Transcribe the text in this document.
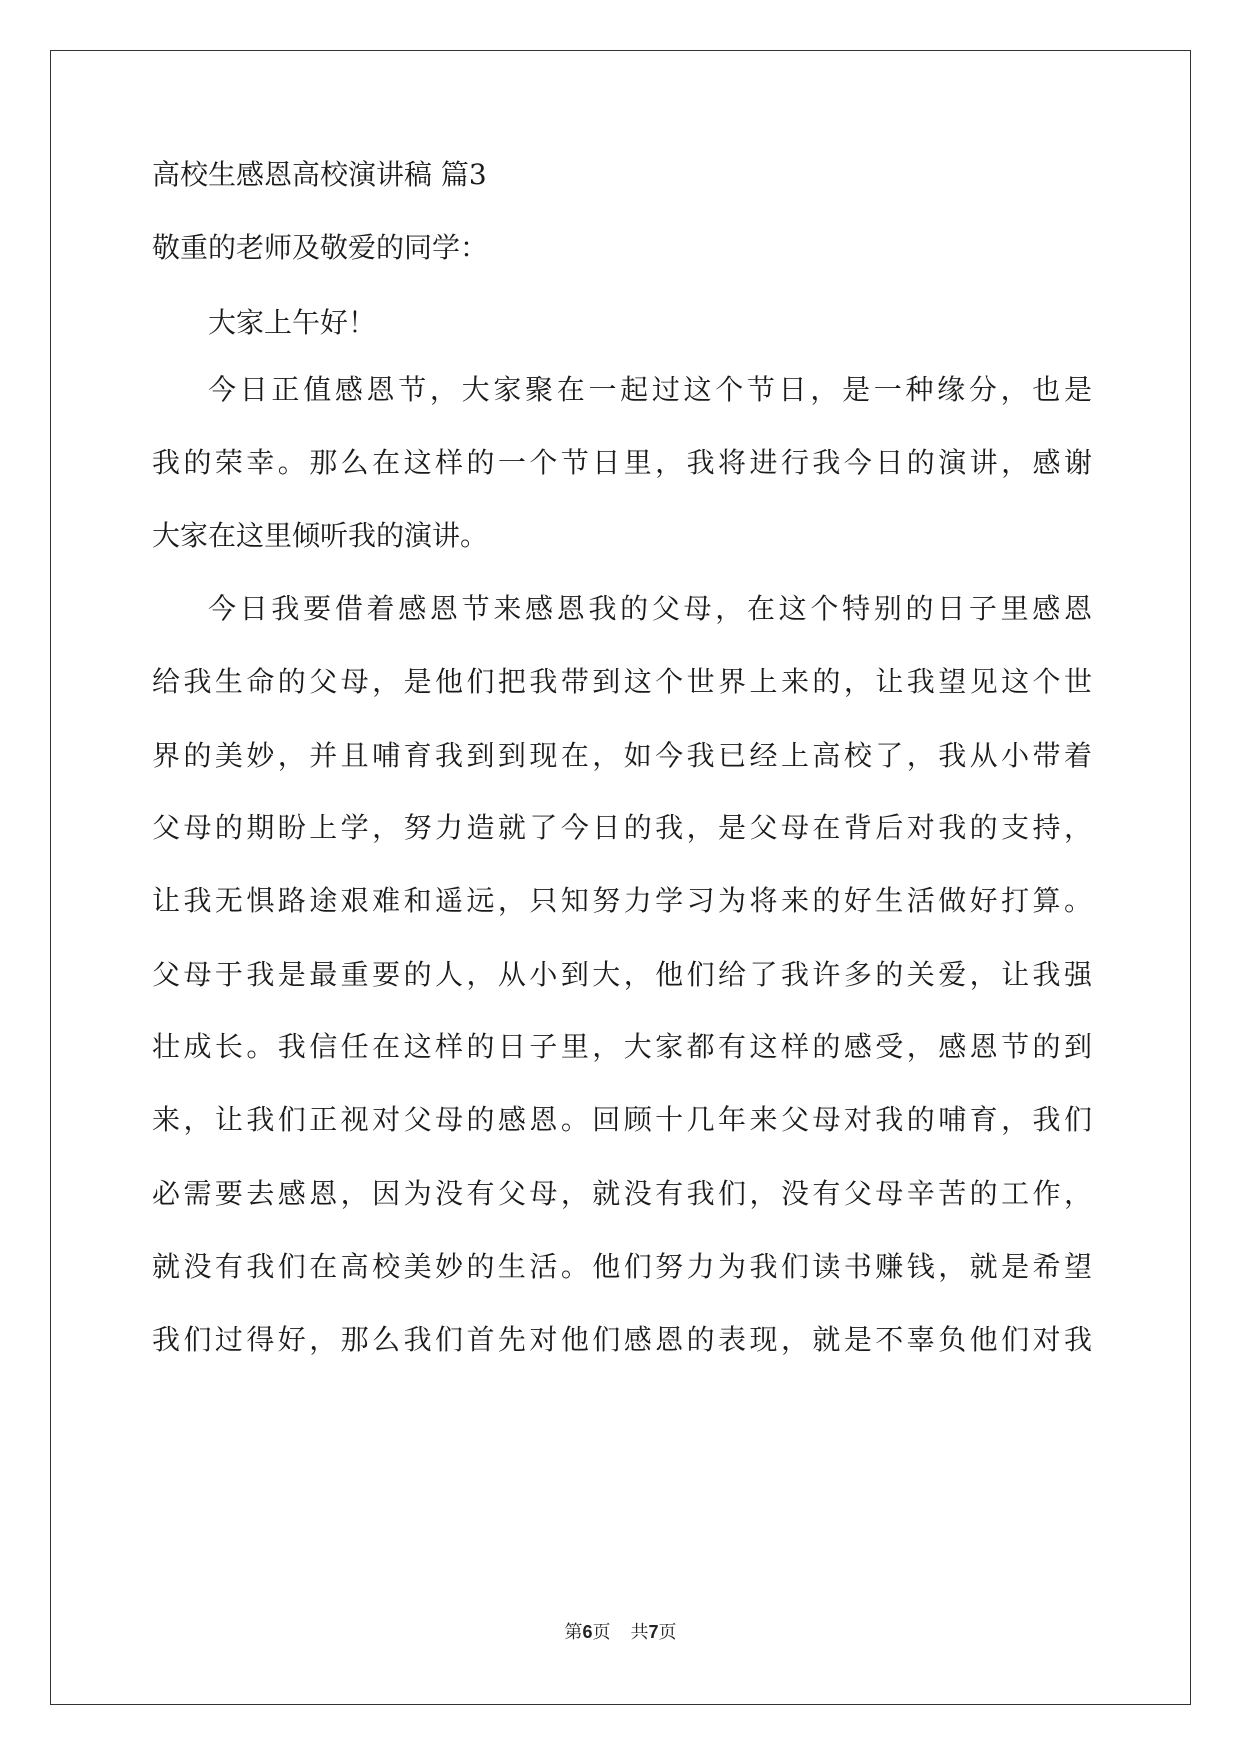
高校生感恩高校演讲稿 篇3
敬重的老师及敬爱的同学：
大家上午好！
今日正值感恩节，大家聚在一起过这个节日，是一种缘分，也是
我的荣幸。那么在这样的一个节日里，我将进行我今日的演讲，感谢
大家在这里倾听我的演讲。
今日我要借着感恩节来感恩我的父母，在这个特别的日子里感恩
给我生命的父母，是他们把我带到这个世界上来的，让我望见这个世
界的美妙，并且哺育我到到现在，如今我已经上高校了，我从小带着
父母的期盼上学，努力造就了今日的我，是父母在背后对我的支持，
让我无惧路途艰难和遥远，只知努力学习为将来的好生活做好打算。
父母于我是最重要的人，从小到大，他们给了我许多的关爱，让我强
壮成长。我信任在这样的日子里，大家都有这样的感受，感恩节的到
来，让我们正视对父母的感恩。回顾十几年来父母对我的哺育，我们
必需要去感恩，因为没有父母，就没有我们，没有父母辛苦的工作，
就没有我们在高校美妙的生活。他们努力为我们读书赚钱，就是希望
我们过得好，那么我们首先对他们感恩的表现，就是不辜负他们对我
第6页 共7页
